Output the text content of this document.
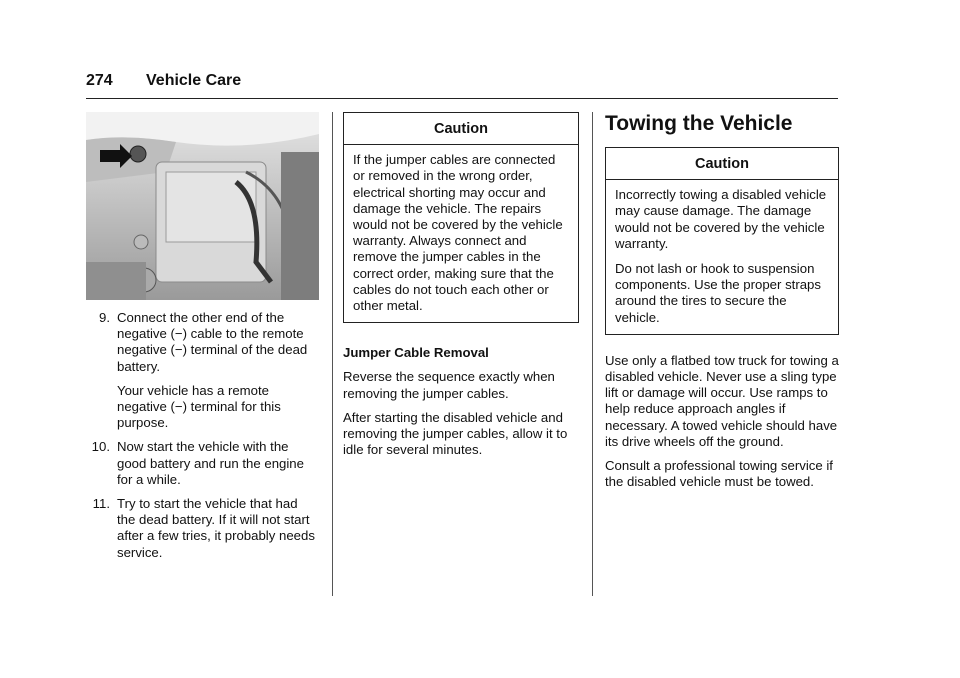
274 Vehicle Care
9. Connect the other end of the negative (−) cable to the remote negative (−) terminal of the dead battery.

Your vehicle has a remote negative (−) terminal for this purpose.

10. Now start the vehicle with the good battery and run the engine for a while.

11. Try to start the vehicle that had the dead battery. If it will not start after a few tries, it probably needs service.

Caution

If the jumper cables are connected or removed in the wrong order, electrical shorting may occur and damage the vehicle. The repairs would not be covered by the vehicle warranty. Always connect and remove the jumper cables in the correct order, making sure that the cables do not touch each other or other metal.

Jumper Cable Removal

Reverse the sequence exactly when removing the jumper cables.

After starting the disabled vehicle and removing the jumper cables, allow it to idle for several minutes.

Towing the Vehicle
Caution

Incorrectly towing a disabled vehicle may cause damage. The damage would not be covered by the vehicle warranty.

Do not lash or hook to suspension components. Use the proper straps around the tires to secure the vehicle.

Use only a flatbed tow truck for towing a disabled vehicle. Never use a sling type lift or damage will occur. Use ramps to help reduce approach angles if necessary. A towed vehicle should have its drive wheels off the ground.

Consult a professional towing service if the disabled vehicle must be towed.
